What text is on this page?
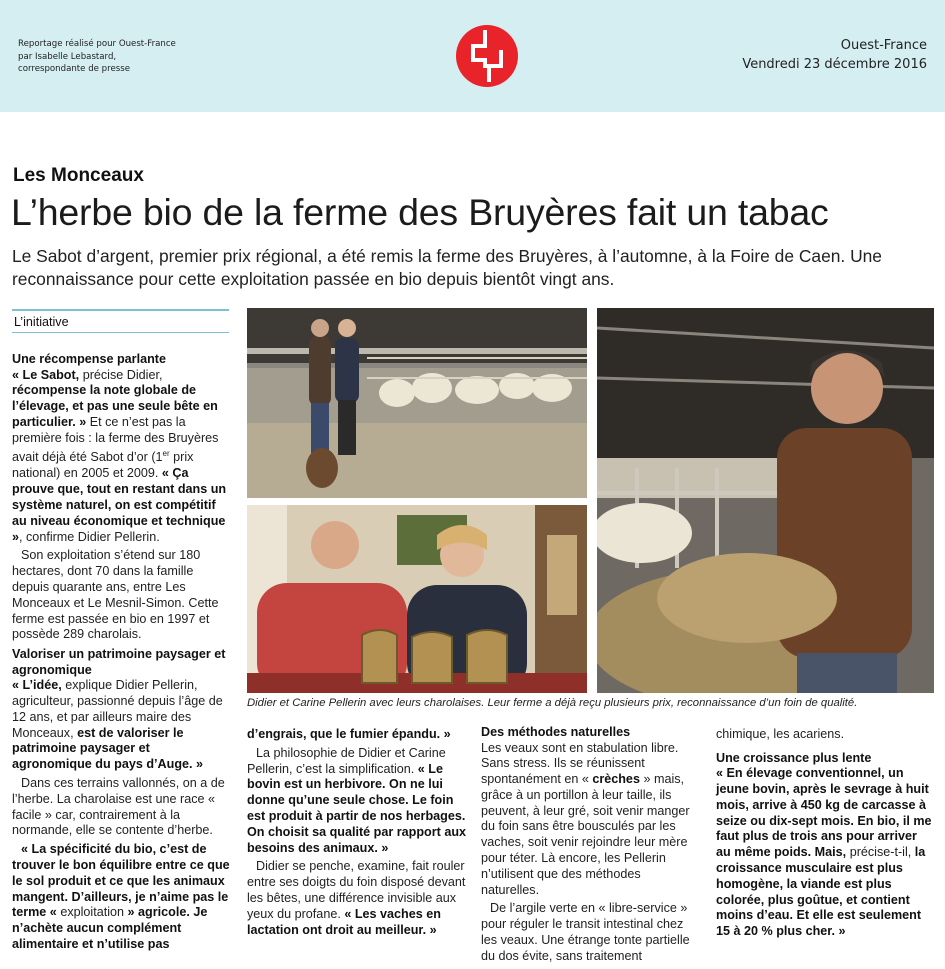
Reportage réalisé pour Ouest-France
par Isabelle Lebastard,
correspondante de presse
Ouest-France
Vendredi 23 décembre 2016
Les Monceaux
L’herbe bio de la ferme des Bruyères fait un tabac
Le Sabot d’argent, premier prix régional, a été remis la ferme des Bruyères, à l’automne, à la Foire de Caen. Une reconnaissance pour cette exploitation passée en bio depuis bientôt vingt ans.
L’initiative
Une récompense parlante

« Le Sabot, précise Didier, récompense la note globale de l’élevage, et pas une seule bête en particulier. » Et ce n’est pas la première fois : la ferme des Bruyères avait déjà été Sabot d’or (1er prix national) en 2005 et 2009. « Ça prouve que, tout en restant dans un système naturel, on est compétitif au niveau économique et technique », confirme Didier Pellerin.

Son exploitation s’étend sur 180 hectares, dont 70 dans la famille depuis quarante ans, entre Les Monceaux et Le Mesnil-Simon. Cette ferme est passée en bio en 1997 et possède 289 charolais.

Valoriser un patrimoine paysager et agronomique

« L’idée, explique Didier Pellerin, agriculteur, passionné depuis l’âge de 12 ans, et par ailleurs maire des Monceaux, est de valoriser le patrimoine paysager et agronomique du pays d’Auge. »

Dans ces terrains vallonnés, on a de l’herbe. La charolaise est une race « facile » car, contrairement à la normande, elle se contente d’herbe.

« La spécificité du bio, c’est de trouver le bon équilibre entre ce que le sol produit et ce que les animaux mangent. D’ailleurs, je n’aime pas le terme « exploitation » agricole. Je n’achète aucun complément alimentaire et n’utilise pas

Didier et Carine Pellerin avec leurs charolaises. Leur ferme a déjà reçu plusieurs prix, reconnaissance d’un foin de qualité.

d’engrais, que le fumier épandu. »

La philosophie de Didier et Carine Pellerin, c’est la simplification. « Le bovin est un herbivore. On ne lui donne qu’une seule chose. Le foin est produit à partir de nos herbages. On choisit sa qualité par rapport aux besoins des animaux. »

Didier se penche, examine, fait rouler entre ses doigts du foin disposé devant les bêtes, une différence invisible aux yeux du profane. « Les vaches en lactation ont droit au meilleur. »

Des méthodes naturelles

Les veaux sont en stabulation libre. Sans stress. Ils se réunissent spontanément en « crèches » mais, grâce à un portillon à leur taille, ils peuvent, à leur gré, soit venir manger du foin sans être bousculés par les vaches, soit venir rejoindre leur mère pour téter. Là encore, les Pellerin n’utilisent que des méthodes naturelles.

De l’argile verte en « libre-service » pour réguler le transit intestinal chez les veaux. Une étrange tonte partielle du dos évite, sans traitement

chimique, les acariens.

Une croissance plus lente

« En élevage conventionnel, un jeune bovin, après le sevrage à huit mois, arrive à 450 kg de carcasse à seize ou dix-sept mois. En bio, il me faut plus de trois ans pour arriver au même poids. Mais, précise-t-il, la croissance musculaire est plus homogène, la viande est plus colorée, plus goûtue, et contient moins d’eau. Et elle est seulement 15 à 20 % plus cher. »
